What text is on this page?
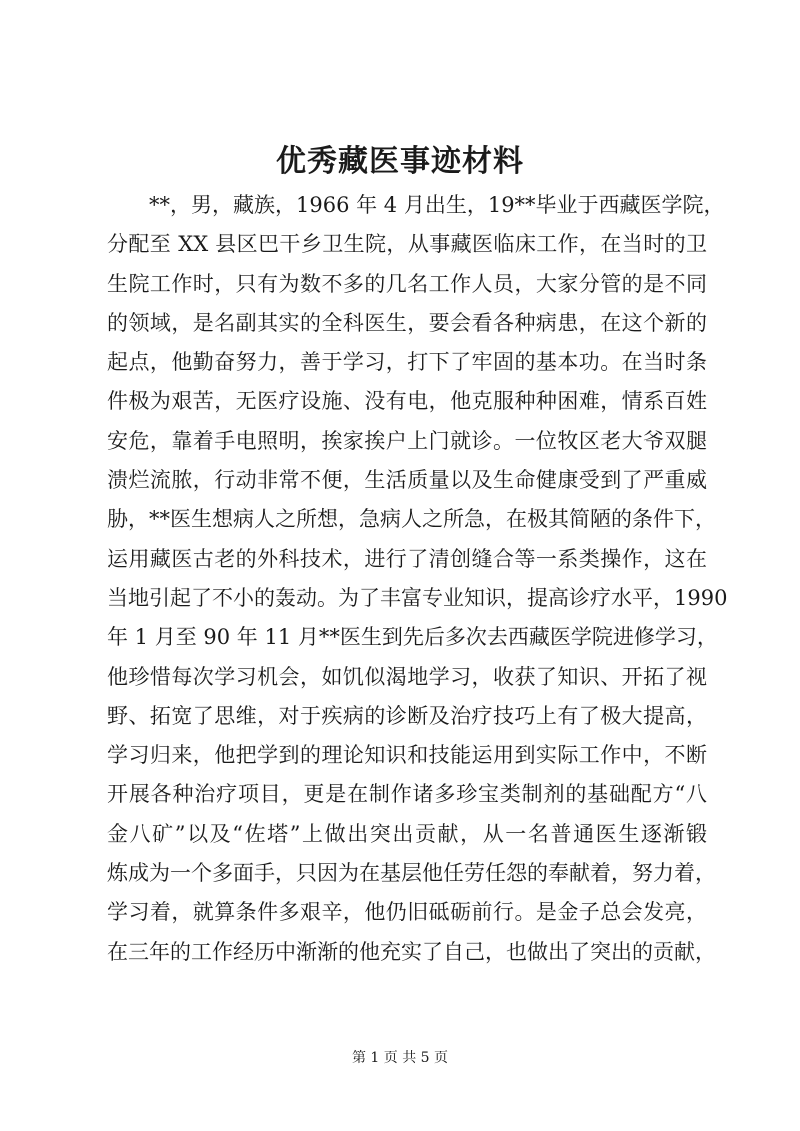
优秀藏医事迹材料
**，男，藏族，1966 年 4 月出生，19**毕业于西藏医学院，
分配至 XX 县区巴干乡卫生院，从事藏医临床工作，在当时的卫
生院工作时，只有为数不多的几名工作人员，大家分管的是不同
的领域，是名副其实的全科医生，要会看各种病患，在这个新的
起点，他勤奋努力，善于学习，打下了牢固的基本功。在当时条
件极为艰苦，无医疗设施、没有电，他克服种种困难，情系百姓
安危，靠着手电照明，挨家挨户上门就诊。一位牧区老大爷双腿
溃烂流脓，行动非常不便，生活质量以及生命健康受到了严重威
胁，**医生想病人之所想，急病人之所急，在极其简陋的条件下，
运用藏医古老的外科技术，进行了清创缝合等一系类操作，这在
当地引起了不小的轰动。为了丰富专业知识，提高诊疗水平，1990
年 1 月至 90 年 11 月**医生到先后多次去西藏医学院进修学习，
他珍惜每次学习机会，如饥似渴地学习，收获了知识、开拓了视
野、拓宽了思维，对于疾病的诊断及治疗技巧上有了极大提高，
学习归来，他把学到的理论知识和技能运用到实际工作中，不断
开展各种治疗项目，更是在制作诸多珍宝类制剂的基础配方“八
金八矿”以及“佐塔”上做出突出贡献，从一名普通医生逐渐锻
炼成为一个多面手，只因为在基层他任劳任怨的奉献着，努力着，
学习着，就算条件多艰辛，他仍旧砥砺前行。是金子总会发亮，
在三年的工作经历中渐渐的他充实了自己，也做出了突出的贡献，
第 1 页 共 5 页
